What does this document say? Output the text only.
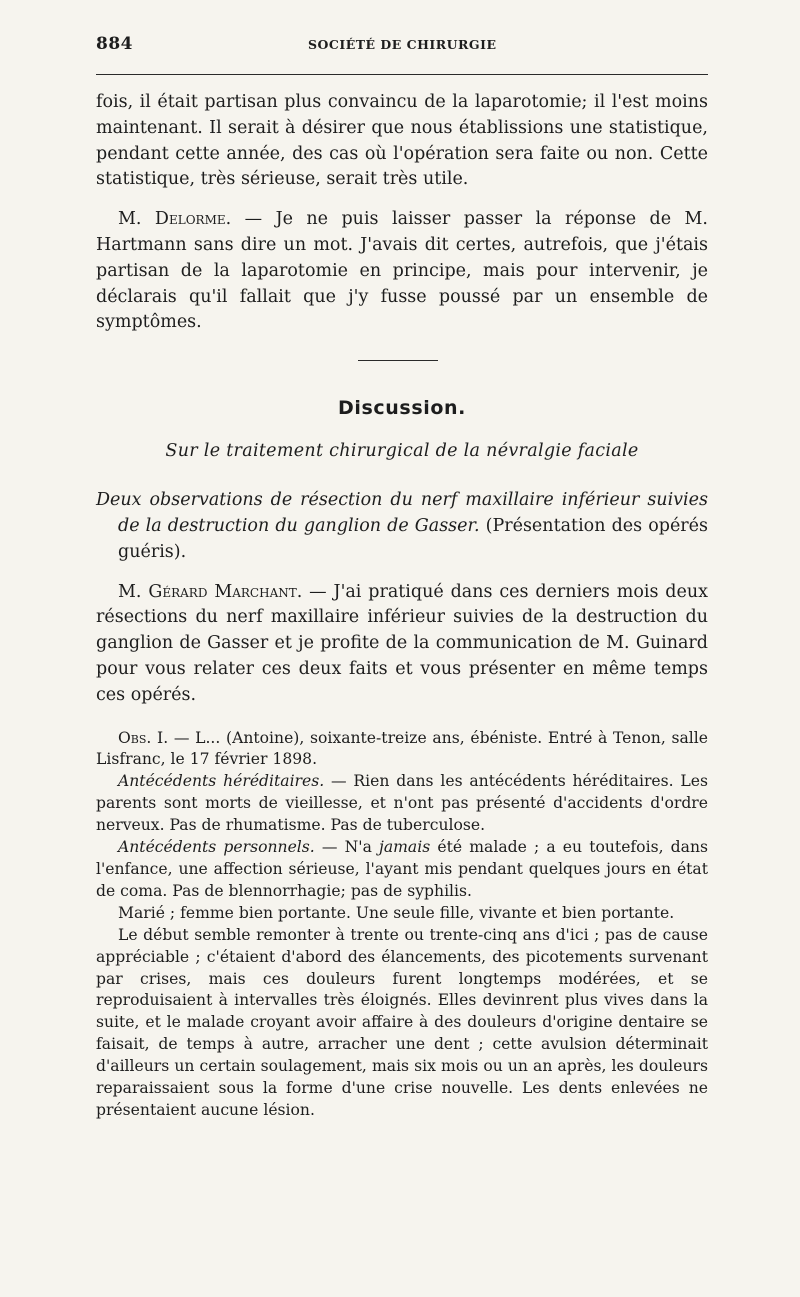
884	SOCIÉTÉ DE CHIRURGIE

fois, il était partisan plus convaincu de la laparotomie; il l'est moins maintenant. Il serait à désirer que nous établissions une statistique, pendant cette année, des cas où l'opération sera faite ou non. Cette statistique, très sérieuse, serait très utile.

M. Delorme. — Je ne puis laisser passer la réponse de M. Hartmann sans dire un mot. J'avais dit certes, autrefois, que j'étais partisan de la laparotomie en principe, mais pour intervenir, je déclarais qu'il fallait que j'y fusse poussé par un ensemble de symptômes.

Discussion.
Sur le traitement chirurgical de la névralgie faciale

Deux observations de résection du nerf maxillaire inférieur suivies de la destruction du ganglion de Gasser. (Présentation des opérés guéris).

M. Gérard Marchant. — J'ai pratiqué dans ces derniers mois deux résections du nerf maxillaire inférieur suivies de la destruction du ganglion de Gasser et je profite de la communication de M. Guinard pour vous relater ces deux faits et vous présenter en même temps ces opérés.

Obs. I. — L... (Antoine), soixante-treize ans, ébéniste. Entré à Tenon, salle Lisfranc, le 17 février 1898.

Antécédents héréditaires. — Rien dans les antécédents héréditaires. Les parents sont morts de vieillesse, et n'ont pas présenté d'accidents d'ordre nerveux. Pas de rhumatisme. Pas de tuberculose.

Antécédents personnels. — N'a jamais été malade ; a eu toutefois, dans l'enfance, une affection sérieuse, l'ayant mis pendant quelques jours en état de coma. Pas de blennorrhagie; pas de syphilis.

Marié ; femme bien portante. Une seule fille, vivante et bien portante.

Le début semble remonter à trente ou trente-cinq ans d'ici ; pas de cause appréciable ; c'étaient d'abord des élancements, des picotements survenant par crises, mais ces douleurs furent longtemps modérées, et se reproduisaient à intervalles très éloignés. Elles devinrent plus vives dans la suite, et le malade croyant avoir affaire à des douleurs d'origine dentaire se faisait, de temps à autre, arracher une dent ; cette avulsion déterminait d'ailleurs un certain soulagement, mais six mois ou un an après, les douleurs reparaissaient sous la forme d'une crise nouvelle. Les dents enlevées ne présentaient aucune lésion.
